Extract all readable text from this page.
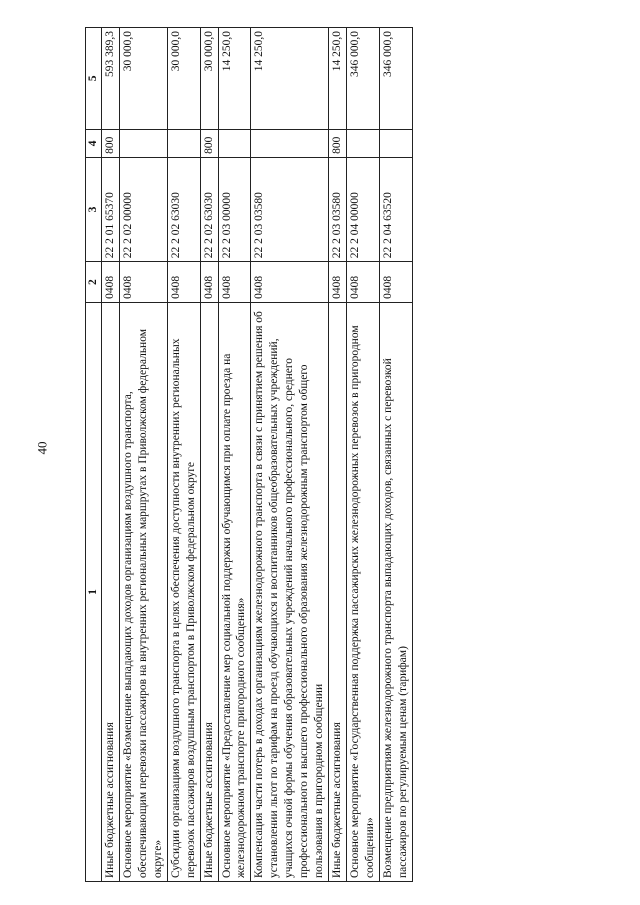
40
1	2	3	4	5
Иные бюджетные ассигнования	0408	22 2 01 65370	800	593 389,3
Основное мероприятие «Возмещение выпадающих доходов организациям воздушного транспорта, обеспечивающим перевозки пассажиров на внутренних региональных маршрутах в Приволжском федеральном округе»	0408	22 2 02 00000		30 000,0
Субсидии организациям воздушного транспорта в целях обеспечения доступности внутренних региональных перевозок пассажиров воздушным транспортом в Приволжском федеральном округе	0408	22 2 02 63030		30 000,0
Иные бюджетные ассигнования	0408	22 2 02 63030	800	30 000,0
Основное мероприятие «Предоставление мер социальной поддержки обучающимся при оплате проезда на железнодорожном транспорте пригородного сообщения»	0408	22 2 03 00000		14 250,0
Компенсация части потерь в доходах организациям железнодорожного транспорта в связи с принятием решения об установлении льгот по тарифам на проезд обучающихся и воспитанников общеобразовательных учреждений, учащихся очной формы обучения образовательных учреждений начального профессионального, среднего профессионального и высшего профессионального образования железнодорожным транспортом общего пользования в пригородном сообщении	0408	22 2 03 03580		14 250,0
Иные бюджетные ассигнования	0408	22 2 03 03580	800	14 250,0
Основное мероприятие «Государственная поддержка пассажирских железнодорожных перевозок в пригородном сообщении»	0408	22 2 04 00000		346 000,0
Возмещение предприятиям железнодорожного транспорта выпадающих доходов, связанных с перевозкой пассажиров по регулируемым ценам (тарифам)	0408	22 2 04 63520		346 000,0
